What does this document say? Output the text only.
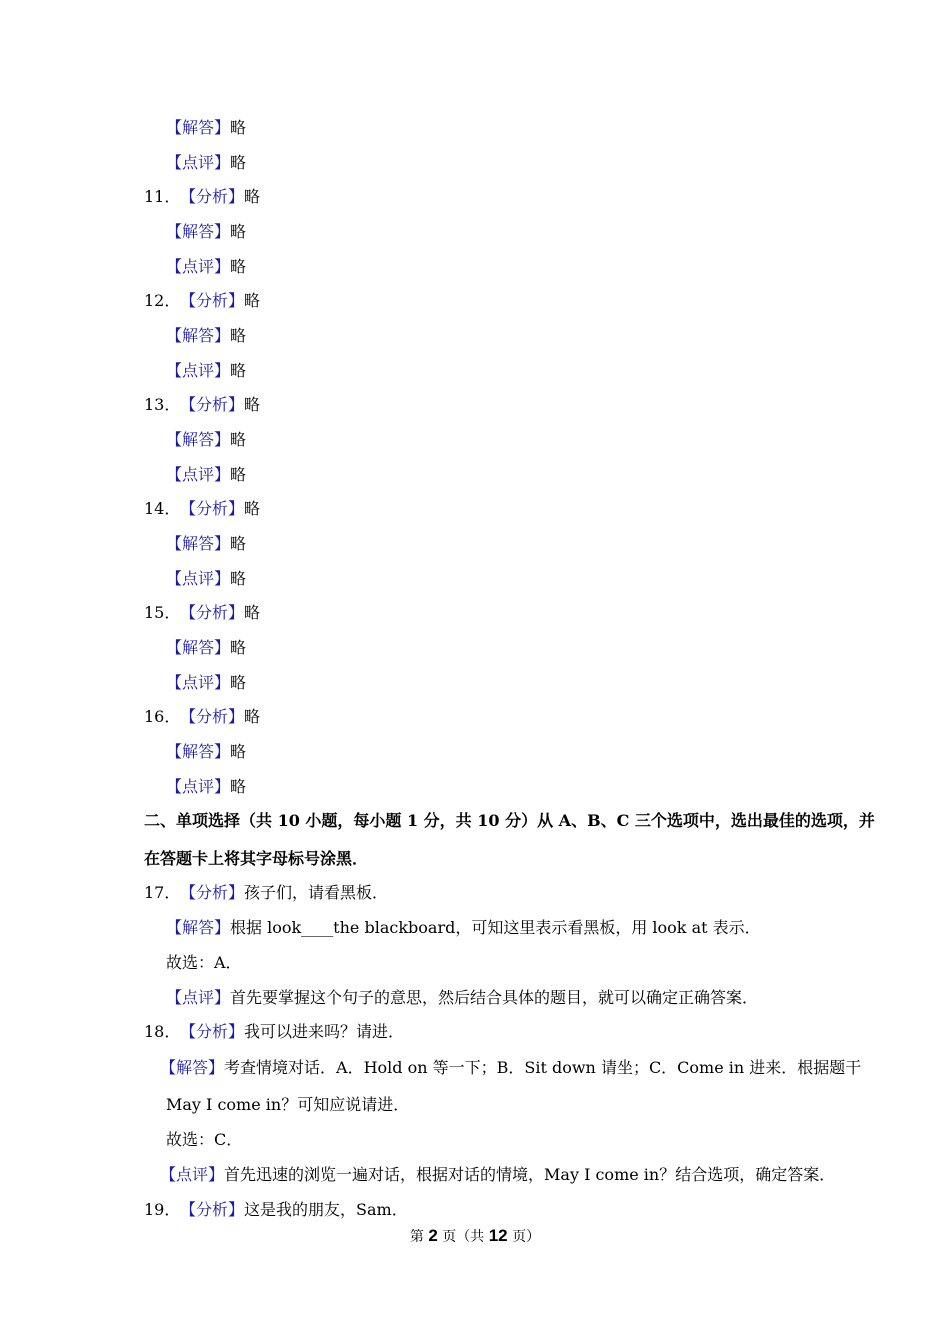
【解答】略
【点评】略
11．【分析】略
【解答】略
【点评】略
12．【分析】略
【解答】略
【点评】略
13．【分析】略
【解答】略
【点评】略
14．【分析】略
【解答】略
【点评】略
15．【分析】略
【解答】略
【点评】略
16．【分析】略
【解答】略
【点评】略
二、单项选择（共 10 小题，每小题 1 分，共 10 分）从 A、B、C 三个选项中，选出最佳的选项，并
在答题卡上将其字母标号涂黑．
17．【分析】孩子们，请看黑板．
【解答】根据 look____the blackboard，可知这里表示看黑板，用 look at 表示．
故选：A．
【点评】首先要掌握这个句子的意思，然后结合具体的题目，就可以确定正确答案．
18．【分析】我可以进来吗？请进．
【解答】考查情境对话．A．Hold on 等一下；B．Sit down 请坐；C．Come in 进来．根据题干
May I come in？可知应说请进．
故选：C．
【点评】首先迅速的浏览一遍对话，根据对话的情境，May I come in？结合选项，确定答案．
19．【分析】这是我的朋友，Sam．
第 2 页（共 12 页）
